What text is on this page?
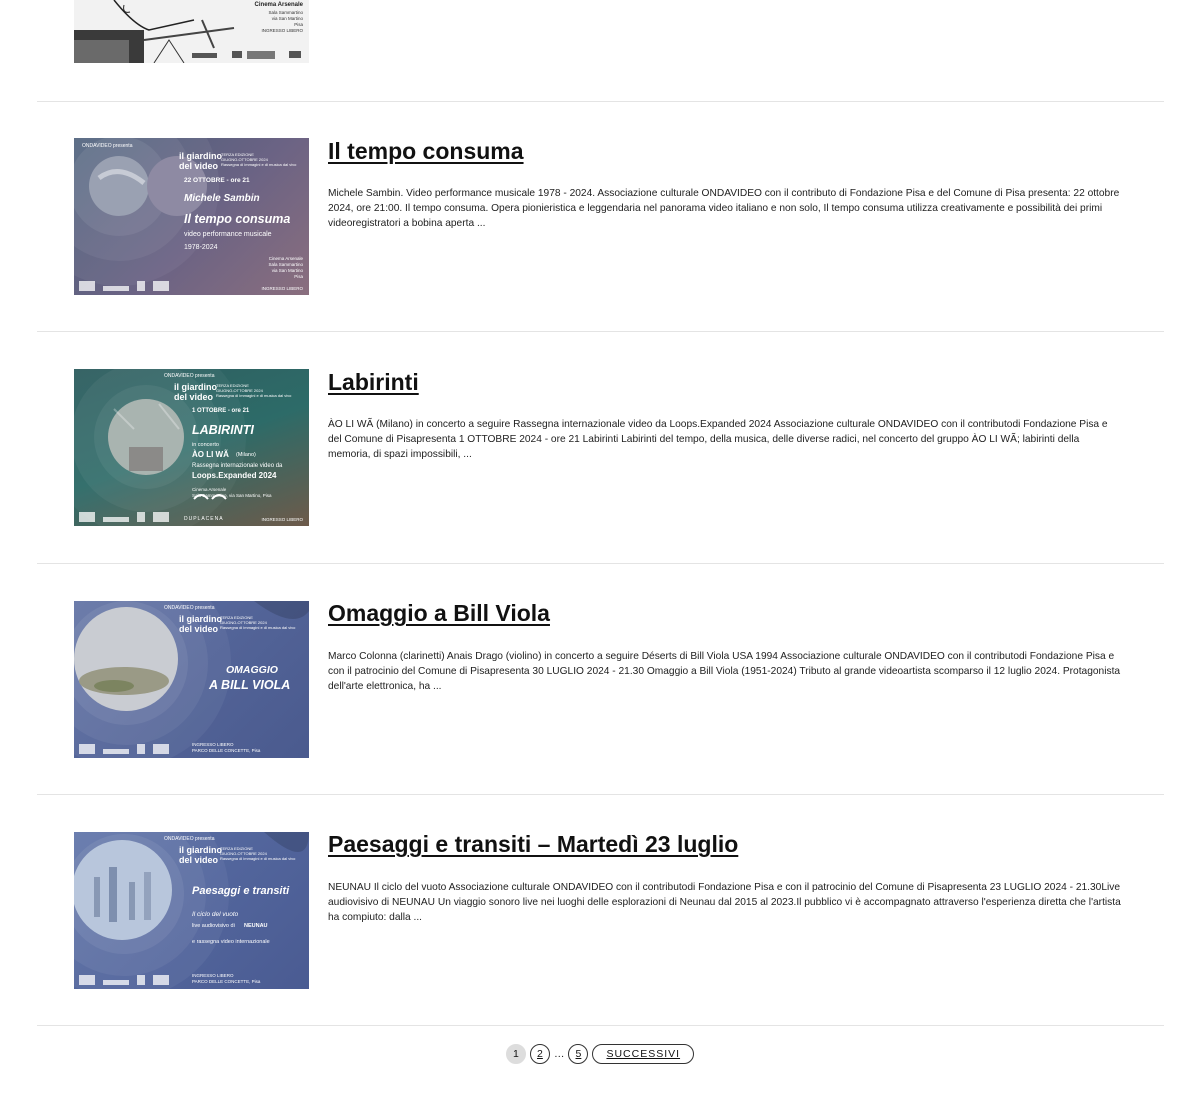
Cinema Arsenale
Sala Sammartino
via San Martino
Pisa
INGRESSO LIBERO
ONDAVIDEO presenta
il giardino
del video
TERZA EDIZIONE
GIUGNO-OTTOBRE 2024
Rassegna di immagini e di musica dal vivo
22 OTTOBRE - ore 21
Michele Sambin
Il tempo consuma
video performance musicale
1978-2024
Cinema Arsenale
Sala Sammartino
via San Martino
Pisa
INGRESSO LIBERO
Il tempo consuma

Michele Sambin. Video performance musicale 1978 - 2024. Associazione culturale ONDAVIDEO con il contributo di Fondazione Pisa e del Comune di Pisa presenta: 22 ottobre 2024, ore 21:00. Il tempo consuma. Opera pionieristica e leggendaria nel panorama video italiano e non solo, Il tempo consuma utilizza creativamente e possibilità dei primi videoregistratori a bobina aperta ...

ONDAVIDEO presenta
il giardino
del video
TERZA EDIZIONE
GIUGNO-OTTOBRE 2024
Rassegna di immagini e di musica dal vivo
1 OTTOBRE - ore 21
LABIRINTI
in concerto
ÀO LI WÃ (Milano)
Rassegna internazionale video da
Loops.Expanded 2024
Cinema Arsenale
Sala Sammartino, via San Martino, Pisa
DUPLACENA	INGRESSO LIBERO
Labirinti

ÀO LI WÃ (Milano) in concerto a seguire Rassegna internazionale video da Loops.Expanded 2024 Associazione culturale ONDAVIDEO con il contributodi Fondazione Pisa e del Comune di Pisapresenta 1 OTTOBRE 2024 - ore 21 Labirinti Labirinti del tempo, della musica, delle diverse radici, nel concerto del gruppo ÀO LI WÃ; labirinti della memoria, di spazi impossibili, ...

ONDAVIDEO presenta
il giardino
del video
TERZA EDIZIONE
GIUGNO-OTTOBRE 2024
Rassegna di immagini e di musica dal vivo
OMAGGIO
A BILL VIOLA
INGRESSO LIBERO
PARCO DELLE CONCETTE, Pisa
Omaggio a Bill Viola

Marco Colonna (clarinetti) Anais Drago (violino) in concerto a seguire Déserts di Bill Viola USA 1994 Associazione culturale ONDAVIDEO con il contributodi Fondazione Pisa e con il patrocinio del Comune di Pisapresenta 30 LUGLIO 2024 - 21.30 Omaggio a Bill Viola (1951-2024) Tributo al grande videoartista scomparso il 12 luglio 2024. Protagonista dell'arte elettronica, ha ...

ONDAVIDEO presenta
il giardino
del video
TERZA EDIZIONE
GIUGNO-OTTOBRE 2024
Rassegna di immagini e di musica dal vivo
Paesaggi e transiti
Il ciclo del vuoto
live audiovisivo di NEUNAU
e rassegna video internazionale
INGRESSO LIBERO
PARCO DELLE CONCETTE, Pisa
Paesaggi e transiti – Martedì 23 luglio

NEUNAU Il ciclo del vuoto Associazione culturale ONDAVIDEO con il contributodi Fondazione Pisa e con il patrocinio del Comune di Pisapresenta 23 LUGLIO 2024 - 21.30Live audiovisivo di NEUNAU Un viaggio sonoro live nei luoghi delle esplorazioni di Neunau dal 2015 al 2023.Il pubblico vi è accompagnato attraverso l'esperienza diretta che l'artista ha compiuto: dalla ...

1	2	…	5	SUCCESSIVI
